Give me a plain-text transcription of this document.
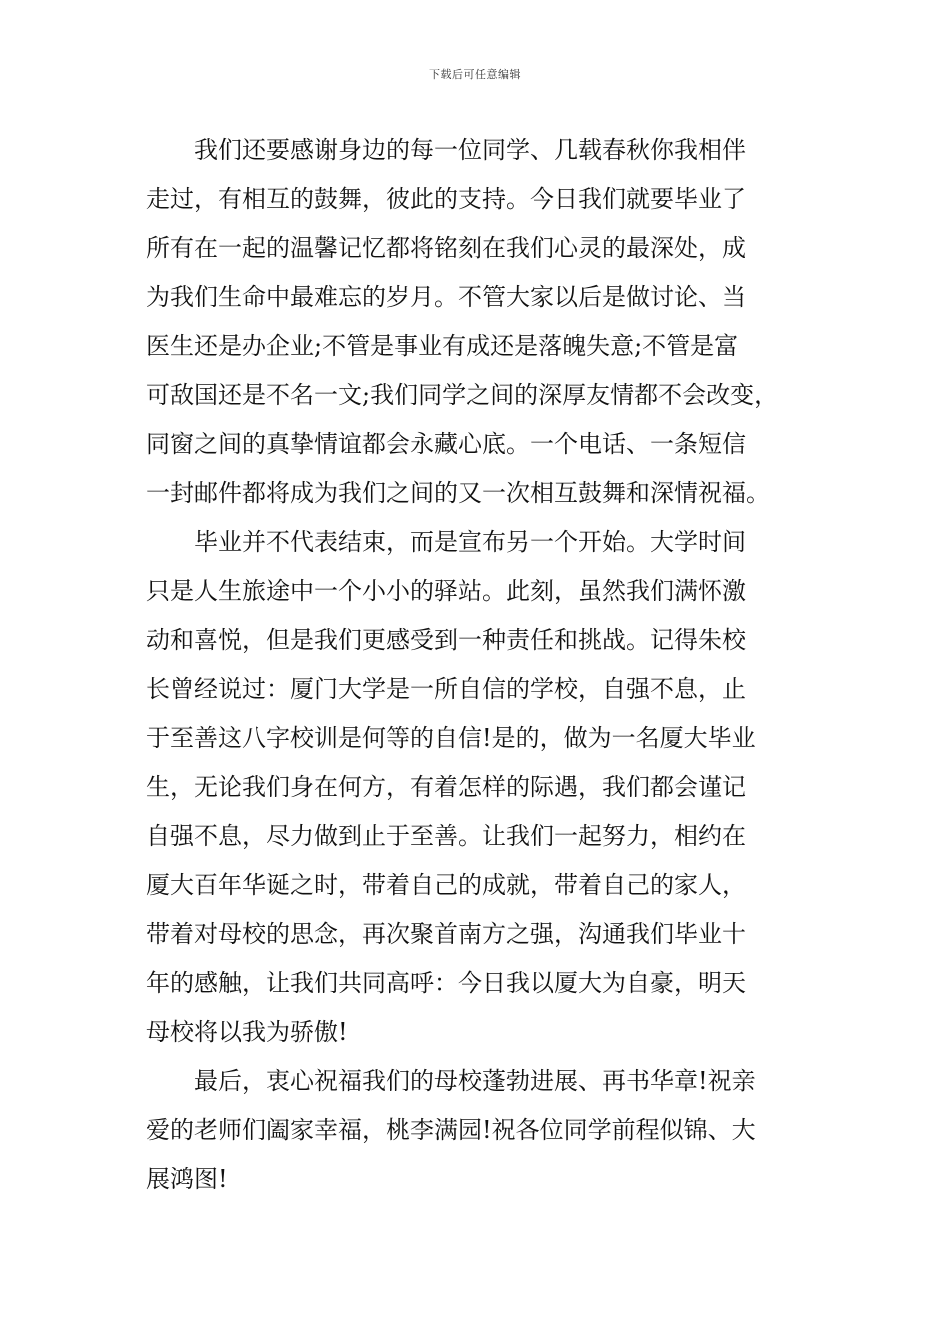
下载后可任意编辑
　　我们还要感谢身边的每一位同学、几载春秋你我相伴
走过，有相互的鼓舞，彼此的支持。今日我们就要毕业了
所有在一起的温馨记忆都将铭刻在我们心灵的最深处，成
为我们生命中最难忘的岁月。不管大家以后是做讨论、当
医生还是办企业;不管是事业有成还是落魄失意;不管是富
可敌国还是不名一文;我们同学之间的深厚友情都不会改变，
同窗之间的真挚情谊都会永藏心底。一个电话、一条短信
一封邮件都将成为我们之间的又一次相互鼓舞和深情祝福。
　　毕业并不代表结束，而是宣布另一个开始。大学时间
只是人生旅途中一个小小的驿站。此刻，虽然我们满怀激
动和喜悦，但是我们更感受到一种责任和挑战。记得朱校
长曾经说过：厦门大学是一所自信的学校，自强不息，止
于至善这八字校训是何等的自信!是的，做为一名厦大毕业
生，无论我们身在何方，有着怎样的际遇，我们都会谨记
自强不息，尽力做到止于至善。让我们一起努力，相约在
厦大百年华诞之时，带着自己的成就，带着自己的家人，
带着对母校的思念，再次聚首南方之强，沟通我们毕业十
年的感触，让我们共同高呼：今日我以厦大为自豪，明天
母校将以我为骄傲!
　　最后，衷心祝福我们的母校蓬勃进展、再书华章!祝亲
爱的老师们阖家幸福，桃李满园!祝各位同学前程似锦、大
展鸿图!
